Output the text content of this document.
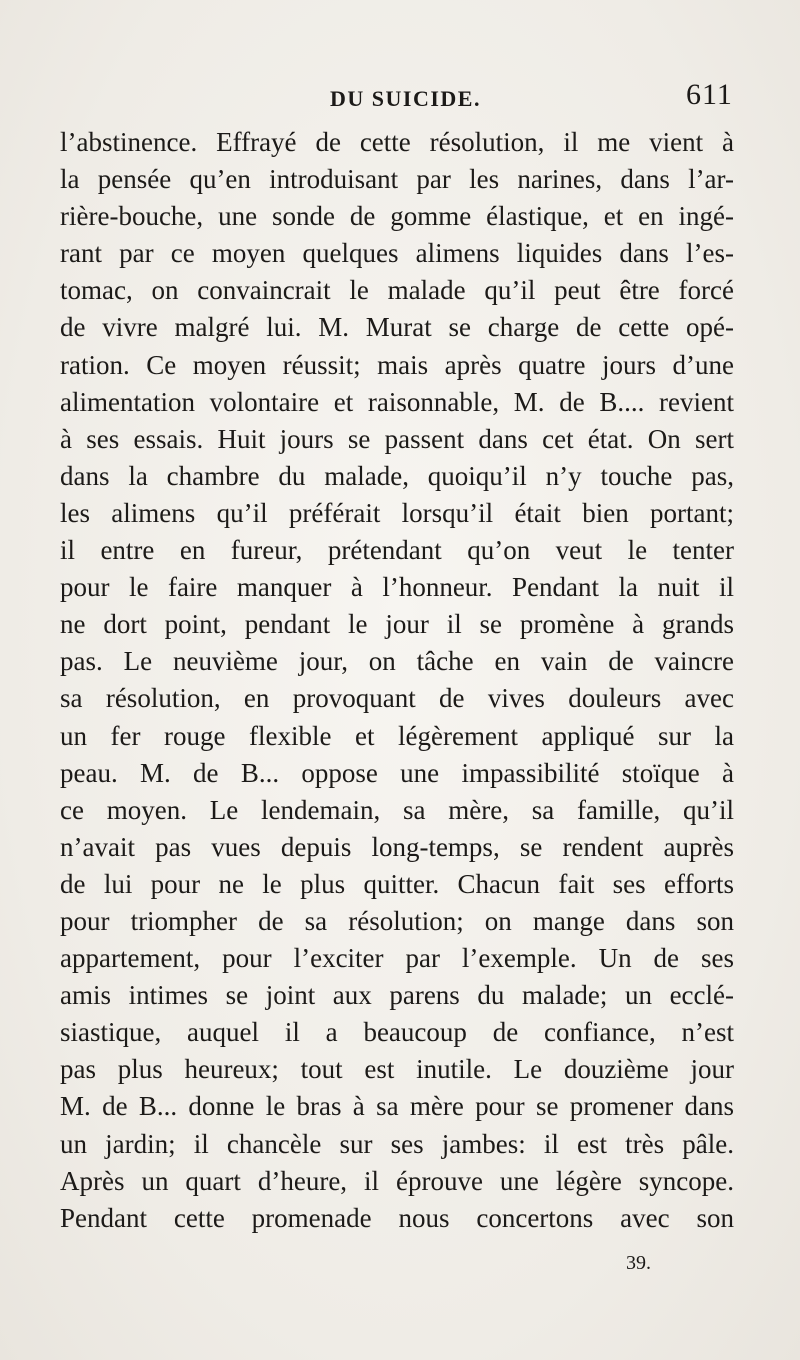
DU SUICIDE.	611
l’abstinence. Effrayé de cette résolution, il me vient à
la pensée qu’en introduisant par les narines, dans l’ar-
rière-bouche, une sonde de gomme élastique, et en ingé-
rant par ce moyen quelques alimens liquides dans l’es-
tomac, on convaincrait le malade qu’il peut être forcé
de vivre malgré lui. M. Murat se charge de cette opé-
ration. Ce moyen réussit; mais après quatre jours d’une
alimentation volontaire et raisonnable, M. de B.... revient
à ses essais. Huit jours se passent dans cet état. On sert
dans la chambre du malade, quoiqu’il n’y touche pas,
les alimens qu’il préférait lorsqu’il était bien portant;
il entre en fureur, prétendant qu’on veut le tenter
pour le faire manquer à l’honneur. Pendant la nuit il
ne dort point, pendant le jour il se promène à grands
pas. Le neuvième jour, on tâche en vain de vaincre
sa résolution, en provoquant de vives douleurs avec
un fer rouge flexible et légèrement appliqué sur la
peau. M. de B... oppose une impassibilité stoïque à
ce moyen. Le lendemain, sa mère, sa famille, qu’il
n’avait pas vues depuis long-temps, se rendent auprès
de lui pour ne le plus quitter. Chacun fait ses efforts
pour triompher de sa résolution; on mange dans son
appartement, pour l’exciter par l’exemple. Un de ses
amis intimes se joint aux parens du malade; un ecclé-
siastique, auquel il a beaucoup de confiance, n’est
pas plus heureux; tout est inutile. Le douzième jour
M. de B... donne le bras à sa mère pour se promener dans
un jardin; il chancèle sur ses jambes: il est très pâle.
Après un quart d’heure, il éprouve une légère syncope.
Pendant cette promenade nous concertons avec son
39.
